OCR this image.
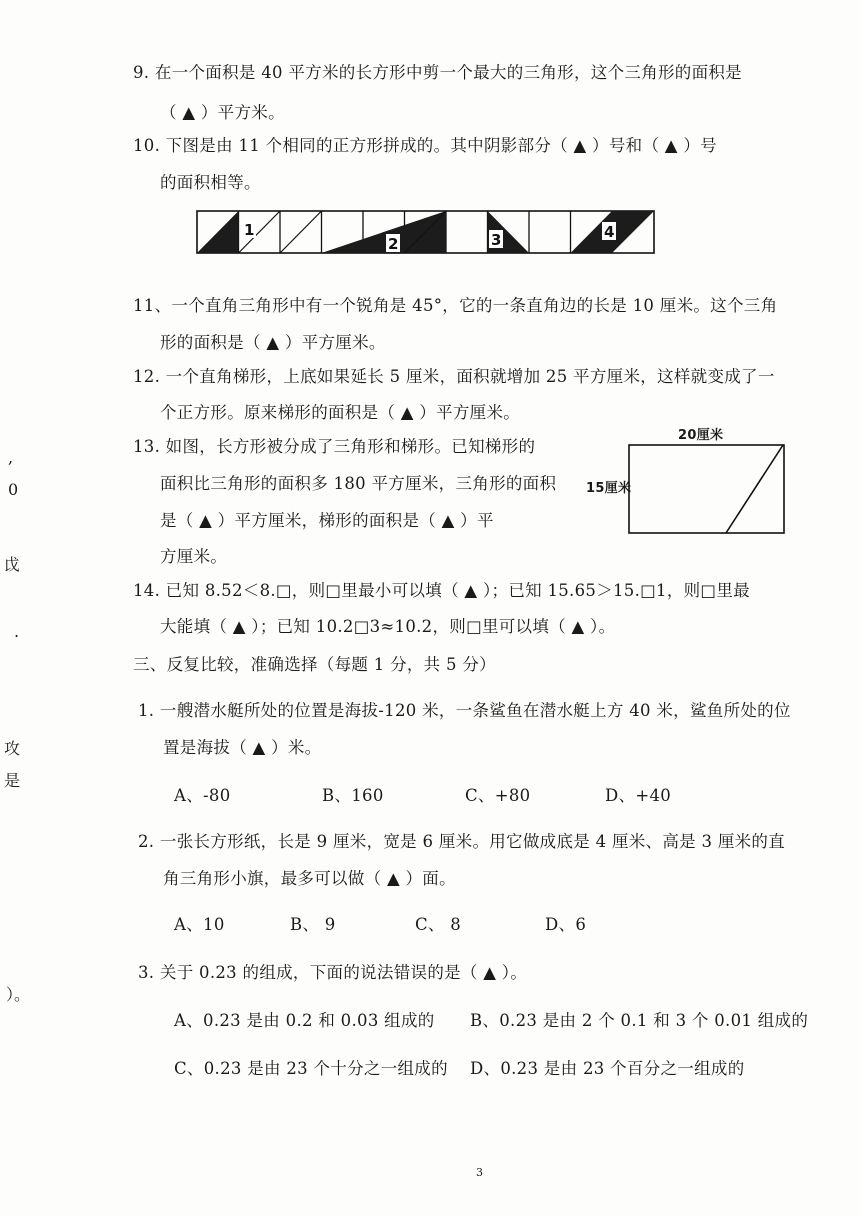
,
0
戉
.
攻
是
）。
9. 在一个面积是 40 平方米的长方形中剪一个最大的三角形，这个三角形的面积是
（ ▲ ）平方米。
10. 下图是由 11 个相同的正方形拼成的。其中阴影部分（ ▲ ）号和（ ▲ ）号
的面积相等。
1
2	3	4
11、一个直角三角形中有一个锐角是 45°，它的一条直角边的长是 10 厘米。这个三角
形的面积是（ ▲ ）平方厘米。
12. 一个直角梯形，上底如果延长 5 厘米，面积就增加 25 平方厘米，这样就变成了一
个正方形。原来梯形的面积是（ ▲ ）平方厘米。
13. 如图，长方形被分成了三角形和梯形。已知梯形的
面积比三角形的面积多 180 平方厘米，三角形的面积
是（ ▲ ）平方厘米，梯形的面积是（ ▲ ）平
方厘米。
20厘米
15厘米
14. 已知 8.52＜8.□，则□里最小可以填（ ▲ ）；已知 15.65＞15.□1，则□里最
大能填（ ▲ ）；已知 10.2□3≈10.2，则□里可以填（ ▲ ）。
三、反复比较，准确选择（每题 1 分，共 5 分）
1. 一艘潜水艇所处的位置是海拔-120 米，一条鲨鱼在潜水艇上方 40 米，鲨鱼所处的位
置是海拔（ ▲ ）米。
A、-80	B、160	C、+80	D、+40
2. 一张长方形纸，长是 9 厘米，宽是 6 厘米。用它做成底是 4 厘米、高是 3 厘米的直
角三角形小旗，最多可以做（ ▲ ）面。
A、10	B、 9	C、 8	D、6
3. 关于 0.23 的组成，下面的说法错误的是（ ▲ ）。
A、0.23 是由 0.2 和 0.03 组成的 B、0.23 是由 2 个 0.1 和 3 个 0.01 组成的
C、0.23 是由 23 个十分之一组成的 D、0.23 是由 23 个百分之一组成的
3
